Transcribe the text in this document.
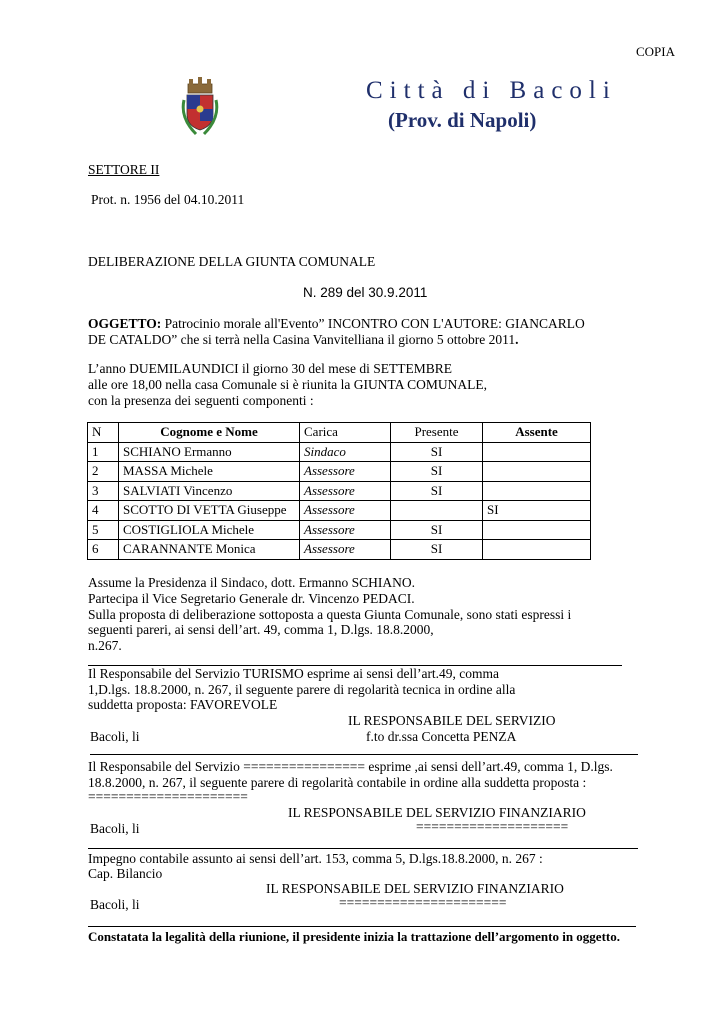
COPIA
Città di Bacoli
(Prov. di Napoli)
SETTORE II
Prot. n. 1956 del 04.10.2011
DELIBERAZIONE DELLA GIUNTA COMUNALE
N. 289 del 30.9.2011
OGGETTO: Patrocinio morale all'Evento” INCONTRO CON L'AUTORE: GIANCARLO
DE CATALDO” che si terrà nella Casina Vanvitelliana il giorno 5 ottobre 2011.
L’anno DUEMILAUNDICI il giorno 30 del mese di SETTEMBRE
alle ore 18,00 nella casa Comunale si è riunita la GIUNTA COMUNALE,
con la presenza dei seguenti componenti :
N	Cognome e Nome	Carica	Presente	Assente
1	SCHIANO Ermanno	Sindaco	SI	
2	MASSA Michele	Assessore	SI	
3	SALVIATI Vincenzo	Assessore	SI	
4	SCOTTO DI VETTA Giuseppe	Assessore		SI
5	COSTIGLIOLA Michele	Assessore	SI	
6	CARANNANTE Monica	Assessore	SI	
Assume la Presidenza il Sindaco, dott. Ermanno SCHIANO.
Partecipa il Vice Segretario Generale dr. Vincenzo PEDACI.
Sulla proposta di deliberazione sottoposta a questa Giunta Comunale, sono stati espressi i
seguenti pareri, ai sensi dell’art. 49, comma 1, D.lgs. 18.8.2000,
n.267.
Il Responsabile del Servizio TURISMO esprime ai sensi dell’art.49, comma
1,D.lgs. 18.8.2000, n. 267, il seguente parere di regolarità tecnica in ordine alla
suddetta proposta: FAVOREVOLE
IL RESPONSABILE DEL SERVIZIO
Bacoli, li	f.to dr.ssa Concetta PENZA
Il Responsabile del Servizio ================ esprime ,ai sensi dell’art.49, comma 1, D.lgs.
18.8.2000, n. 267, il seguente parere di regolarità contabile in ordine alla suddetta proposta :
=====================
IL RESPONSABILE DEL SERVIZIO FINANZIARIO
Bacoli, li	====================
Impegno contabile assunto ai sensi dell’art. 153, comma 5, D.lgs.18.8.2000, n. 267 :
Cap. Bilancio
IL RESPONSABILE DEL SERVIZIO FINANZIARIO
Bacoli, li	======================
Constatata la legalità della riunione, il presidente inizia la trattazione dell’argomento in oggetto.
